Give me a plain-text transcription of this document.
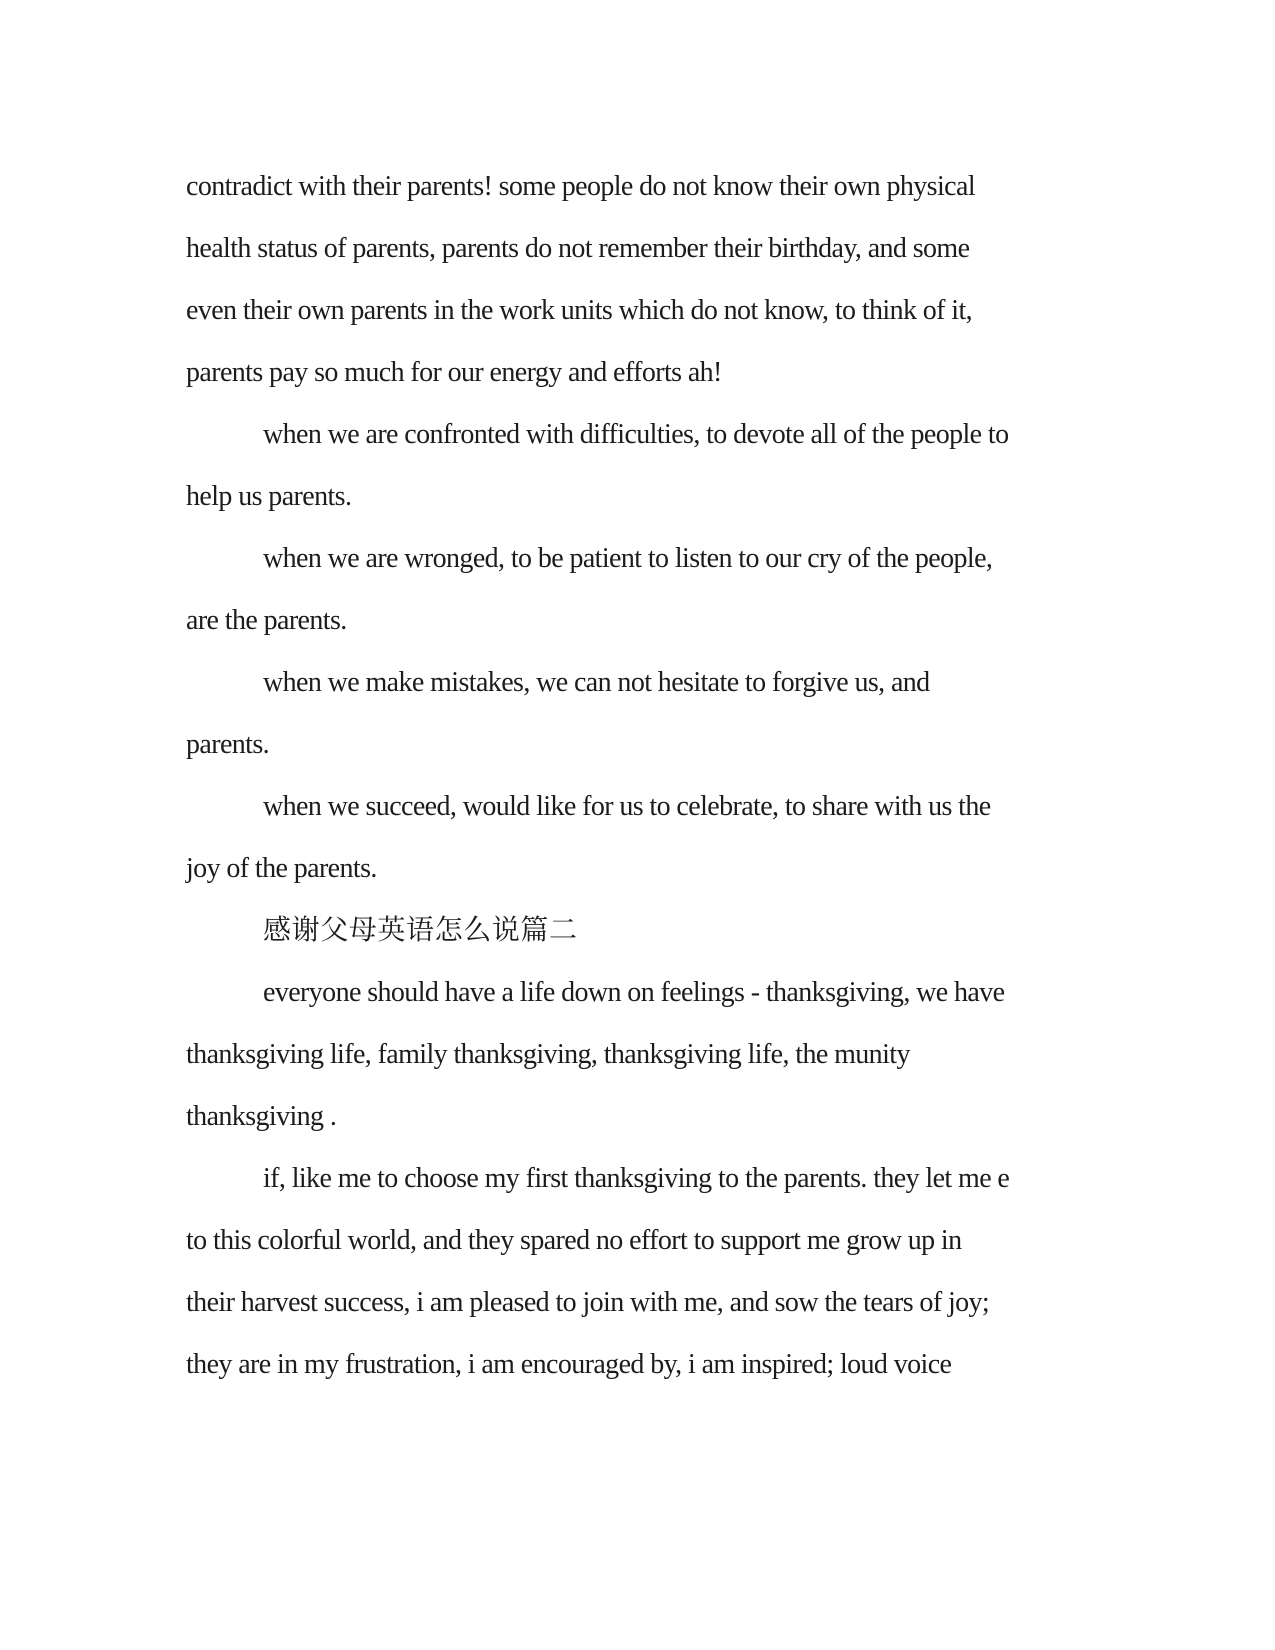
contradict with their parents! some people do not know their own physical
health status of parents, parents do not remember their birthday, and some
even their own parents in the work units which do not know, to think of it,
parents pay so much for our energy and efforts ah!

when we are confronted with difficulties, to devote all of the people to
help us parents.

when we are wronged, to be patient to listen to our cry of the people,
are the parents.

when we make mistakes, we can not hesitate to forgive us, and
parents.

when we succeed, would like for us to celebrate, to share with us the
joy of the parents.

感谢父母英语怎么说篇二

everyone should have a life down on feelings - thanksgiving, we have
thanksgiving life, family thanksgiving, thanksgiving life, the munity
thanksgiving .

if, like me to choose my first thanksgiving to the parents. they let me e
to this colorful world, and they spared no effort to support me grow up in
their harvest success, i am pleased to join with me, and sow the tears of joy;
they are in my frustration, i am encouraged by, i am inspired; loud voice
